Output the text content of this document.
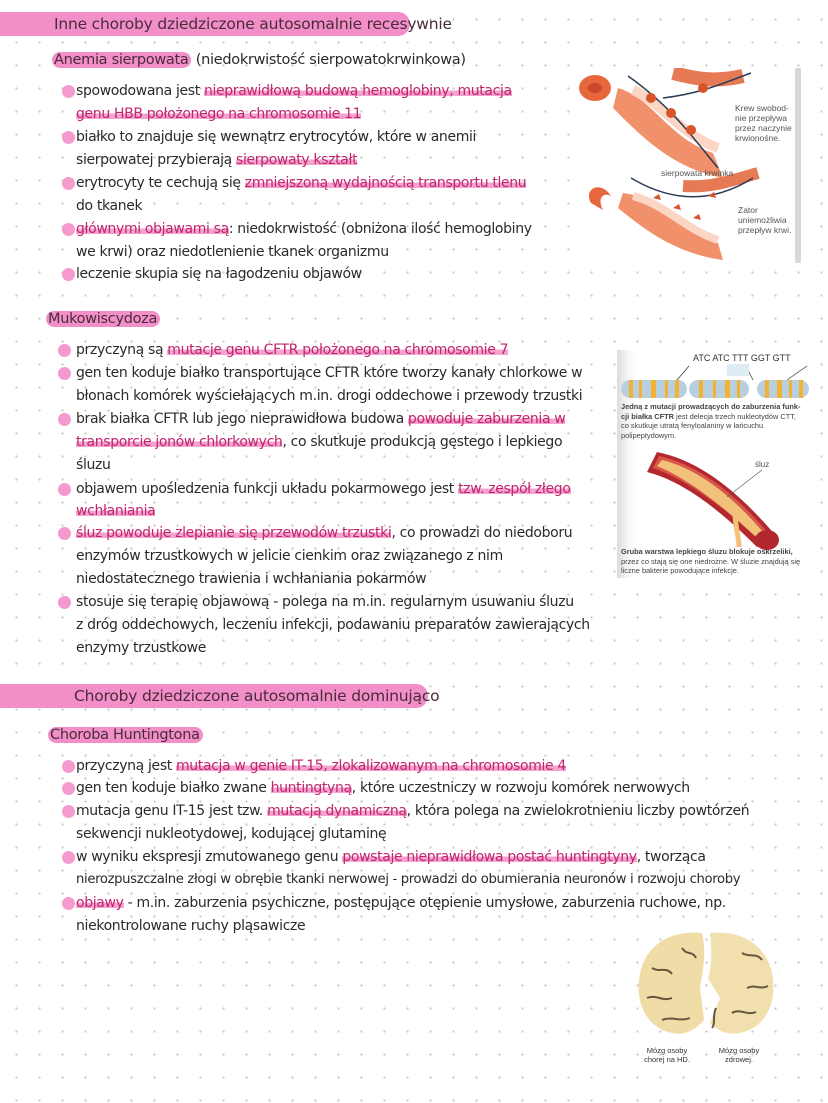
Inne choroby dziedziczone autosomalnie recesywnie
Anemia sierpowata (niedokrwistość sierpowatokrwinkowa)
spowodowana jest nieprawidłową budową hemoglobiny, mutacja
genu HBB położonego na chromosomie 11
białko to znajduje się wewnątrz erytrocytów, które w anemii
sierpowatej przybierają sierpowaty kształt
erytrocyty te cechują się zmniejszoną wydajnością transportu tlenu
do tkanek
głównymi objawami są: niedokrwistość (obniżona ilość hemoglobiny
we krwi) oraz niedotlenienie tkanek organizmu
leczenie skupia się na łagodzeniu objawów
Krew swobod-
nie przepływa
przez naczynie
krwionośne.
sierpowata krwinka
Zator
uniemożliwia
przepływ krwi.
Mukowiscydoza
przyczyną są mutacje genu CFTR położonego na chromosomie 7
gen ten koduje białko transportujące CFTR które tworzy kanały chlorkowe w
błonach komórek wyściełających m.in. drogi oddechowe i przewody trzustki
brak białka CFTR lub jego nieprawidłowa budowa powoduje zaburzenia w
transporcie jonów chlorkowych, co skutkuje produkcją gęstego i lepkiego
śluzu
objawem upośledzenia funkcji układu pokarmowego jest tzw. zespół złego
wchłaniania
śluz powoduje zlepianie się przewodów trzustki, co prowadzi do niedoboru
enzymów trzustkowych w jelicie cienkim oraz związanego z nim
niedostatecznego trawienia i wchłaniania pokarmów
stosuje się terapię objawową - polega na m.in. regularnym usuwaniu śluzu
z dróg oddechowych, leczeniu infekcji, podawaniu preparatów zawierających
enzymy trzustkowe
ATC ATC TTT GGT GTT
Jedną z mutacji prowadzących do zaburzenia funk-
cji białka CFTR jest delecja trzech nukleotydów CTT,
co skutkuje utratą fenyloalaniny w łańcuchu
polipeptydowym.
śluz
Gruba warstwa lepkiego śluzu blokuje oskrzeliki,
przez co stają się one niedrożne. W śluzie znajdują się
liczne bakterie powodujące infekcje.
Choroby dziedziczone autosomalnie dominująco
Choroba Huntingtona
przyczyną jest mutacja w genie IT-15, zlokalizowanym na chromosomie 4
gen ten koduje białko zwane huntingtyną, które uczestniczy w rozwoju komórek nerwowych
mutacja genu IT-15 jest tzw. mutacją dynamiczną, która polega na zwielokrotnieniu liczby powtórzeń
sekwencji nukleotydowej, kodującej glutaminę
w wyniku ekspresji zmutowanego genu powstaje nieprawidłowa postać huntingtyny, tworząca
nierozpuszczalne złogi w obrębie tkanki nerwowej - prowadzi do obumierania neuronów i rozwoju choroby
objawy - m.in. zaburzenia psychiczne, postępujące otępienie umysłowe, zaburzenia ruchowe, np.
niekontrolowane ruchy pląsawicze
Mózg osoby
chorej na HD.
Mózg osoby
zdrowej.
